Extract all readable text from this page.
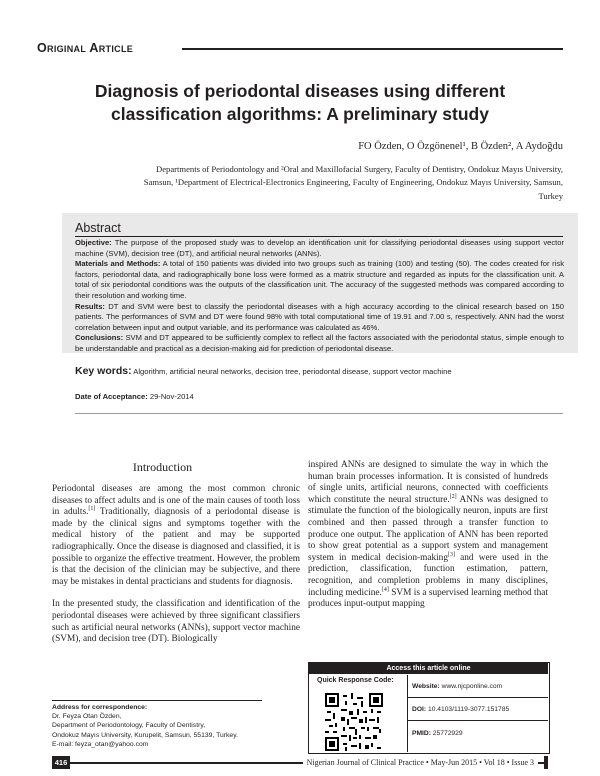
Original Article
Diagnosis of periodontal diseases using different
classification algorithms: A preliminary study
FO Özden, O Özgönenel¹, B Özden², A Aydoğdu
Departments of Periodontology and ²Oral and Maxillofacial Surgery, Faculty of Dentistry, Ondokuz Mayıs University,
Samsun, ¹Department of Electrical-Electronics Engineering, Faculty of Engineering, Ondokuz Mayıs University, Samsun,
Turkey
Abstract

Objective: The purpose of the proposed study was to develop an identification unit for classifying periodontal diseases using support vector machine (SVM), decision tree (DT), and artificial neural networks (ANNs).

Materials and Methods: A total of 150 patients was divided into two groups such as training (100) and testing (50). The codes created for risk factors, periodontal data, and radiographically bone loss were formed as a matrix structure and regarded as inputs for the classification unit. A total of six periodontal conditions was the outputs of the classification unit. The accuracy of the suggested methods was compared according to their resolution and working time.

Results: DT and SVM were best to classify the periodontal diseases with a high accuracy according to the clinical research based on 150 patients. The performances of SVM and DT were found 98% with total computational time of 19.91 and 7.00 s, respectively. ANN had the worst correlation between input and output variable, and its performance was calculated as 46%.

Conclusions: SVM and DT appeared to be sufficiently complex to reflect all the factors associated with the periodontal status, simple enough to be understandable and practical as a decision-making aid for prediction of periodontal disease.

Key words: Algorithm, artificial neural networks, decision tree, periodontal disease, support vector machine
Date of Acceptance: 29-Nov-2014
Introduction

Periodontal diseases are among the most common chronic diseases to affect adults and is one of the main causes of tooth loss in adults.[1] Traditionally, diagnosis of a periodontal disease is made by the clinical signs and symptoms together with the medical history of the patient and may be supported radiographically. Once the disease is diagnosed and classified, it is possible to organize the effective treatment. However, the problem is that the decision of the clinician may be subjective, and there may be mistakes in dental practicians and students for diagnosis.

In the presented study, the classification and identification of the periodontal diseases were achieved by three significant classifiers such as artificial neural networks (ANNs), support vector machine (SVM), and decision tree (DT). Biologically

inspired ANNs are designed to simulate the way in which the human brain processes information. It is consisted of hundreds of single units, artificial neurons, connected with coefficients which constitute the neural structure.[2] ANNs was designed to stimulate the function of the biologically neuron, inputs are first combined and then passed through a transfer function to produce one output. The application of ANN has been reported to show great potential as a support system and management system in medical decision-making[3] and were used in the prediction, classification, function estimation, pattern, recognition, and completion problems in many disciplines, including medicine.[4] SVM is a supervised learning method that produces input-output mapping

Access this article online
Quick Response Code:
Website: www.njcponline.com
DOI: 10.4103/1119-3077.151785
PMID: 25772929
Address for correspondence:
Dr. Feyza Otan Özden,
Department of Periodontology, Faculty of Dentistry,
Ondokuz Mayıs University, Kurupelit, Samsun, 55139, Turkey.
E-mail: feyza_otan@yahoo.com
416	Nigerian Journal of Clinical Practice • May-Jun 2015 • Vol 18 • Issue 3
